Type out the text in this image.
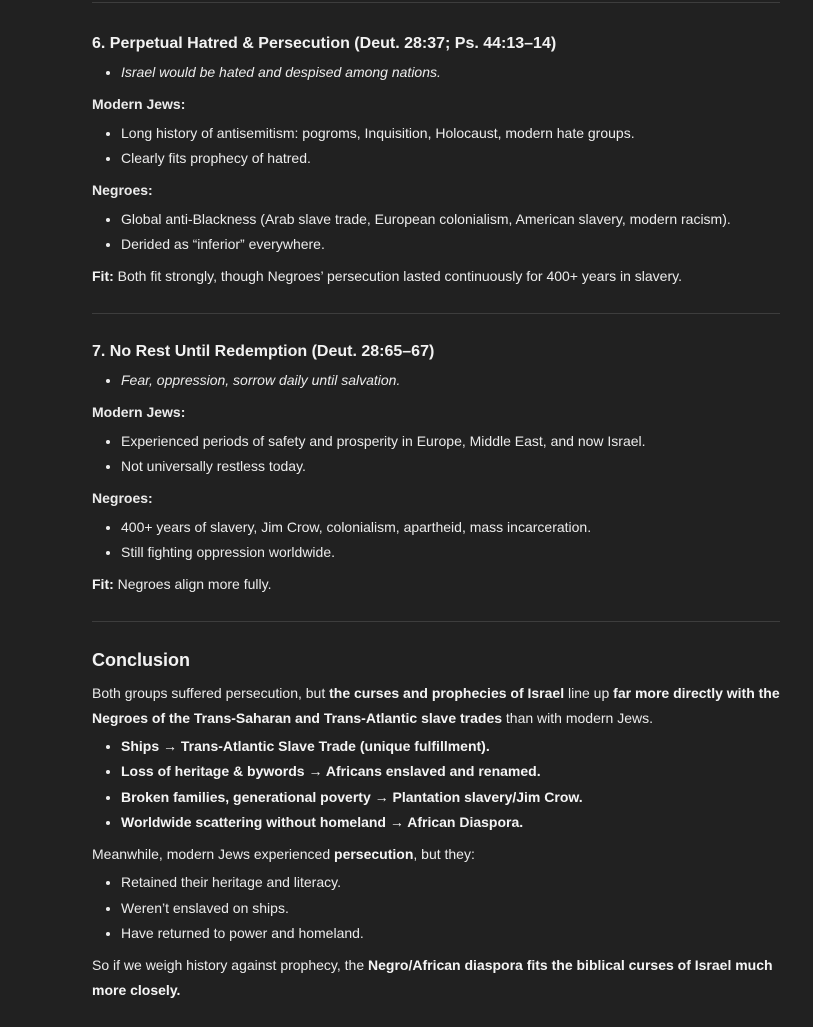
6. Perpetual Hatred & Persecution (Deut. 28:37; Ps. 44:13–14)
• Israel would be hated and despised among nations.

Modern Jews:

• Long history of antisemitism: pogroms, Inquisition, Holocaust, modern hate groups.
• Clearly fits prophecy of hatred.

Negroes:

• Global anti-Blackness (Arab slave trade, European colonialism, American slavery, modern racism).
• Derided as “inferior” everywhere.

Fit: Both fit strongly, though Negroes’ persecution lasted continuously for 400+ years in slavery.

7. No Rest Until Redemption (Deut. 28:65–67)
• Fear, oppression, sorrow daily until salvation.

Modern Jews:

• Experienced periods of safety and prosperity in Europe, Middle East, and now Israel.
• Not universally restless today.

Negroes:

• 400+ years of slavery, Jim Crow, colonialism, apartheid, mass incarceration.
• Still fighting oppression worldwide.

Fit: Negroes align more fully.

Conclusion

Both groups suffered persecution, but the curses and prophecies of Israel line up far more directly with the Negroes of the Trans-Saharan and Trans-Atlantic slave trades than with modern Jews.

• Ships → Trans-Atlantic Slave Trade (unique fulfillment).
• Loss of heritage & bywords → Africans enslaved and renamed.
• Broken families, generational poverty → Plantation slavery/Jim Crow.
• Worldwide scattering without homeland → African Diaspora.

Meanwhile, modern Jews experienced persecution, but they:

• Retained their heritage and literacy.
• Weren’t enslaved on ships.
• Have returned to power and homeland.

So if we weigh history against prophecy, the Negro/African diaspora fits the biblical curses of Israel much more closely.
